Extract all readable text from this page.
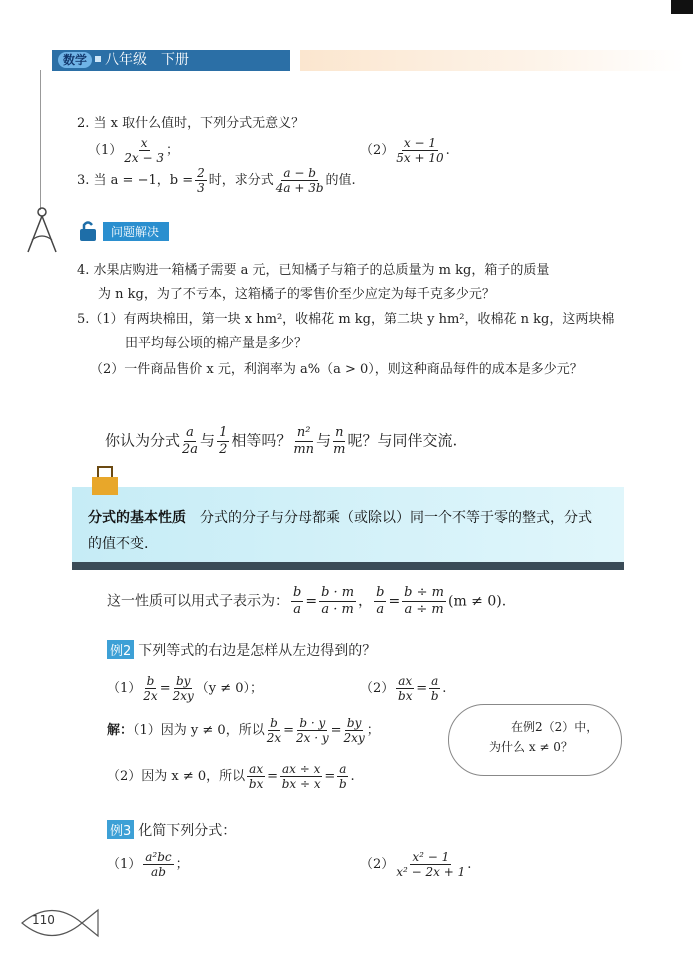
数学 八年级　下册
2. 当 x 取什么值时，下列分式无意义？
$(1) \frac{x}{2x - 3}$ ；	$(2) \frac{x - 1}{5x + 10}$ .
3. 当 a = −1，$b = \frac{2}{3}$ 时，求分式 $\frac{a - b}{4a + 3b}$ 的值.
问题解决
4. 水果店购进一箱橘子需要 a 元，已知橘子与箱子的总质量为 m kg，箱子的质量
为 n kg，为了不亏本，这箱橘子的零售价至少应定为每千克多少元？
5.（1）有两块棉田，第一块 x hm²，收棉花 m kg，第二块 y hm²，收棉花 n kg，这两块棉
田平均每公顷的棉产量是多少？
（2）一件商品售价 x 元，利润率为 a%（a > 0），则这种商品每件的成本是多少元？
你认为分式 $\frac{a}{2a}$ 与 $\frac{1}{2}$ 相等吗？ $\frac{\text{n²}}{mn}$ 与 $\frac{n}{m}$ 呢？与同伴交流.
分式的基本性质　分式的分子与分母都乘（或除以）同一个不等于零的整式，分式的值不变.
这一性质可以用式子表示为： $\frac{b}{a} = \frac{b \cdot m}{a \cdot m}$ ， $\frac{b}{a} = \frac{b \div m}{a \div m} (m \ne 0)$.
例2 下列等式的右边是怎样从左边得到的？
$(1) \frac{b}{2x} = \frac{by}{2xy} (y \ne 0)$；	$(2) \frac{ax}{bx} = \frac{a}{b}$ .
解：（1）因为 y ≠ 0，所以 $\frac{b}{2x} = \frac{b \cdot y}{2x \cdot y} = \frac{by}{2xy}$ ；
（2）因为 x ≠ 0，所以 $\frac{ax}{bx} = \frac{ax \div x}{bx \div x} = \frac{a}{b}$ .
在例2（2）中，
为什么 x ≠ 0？
例3 化简下列分式：
$(1) \frac{\text{a²bc}}{ab}$ ；	$(2) \frac{\text{x² − 1}}{\text{x² − 2x + 1}}$ .
110
